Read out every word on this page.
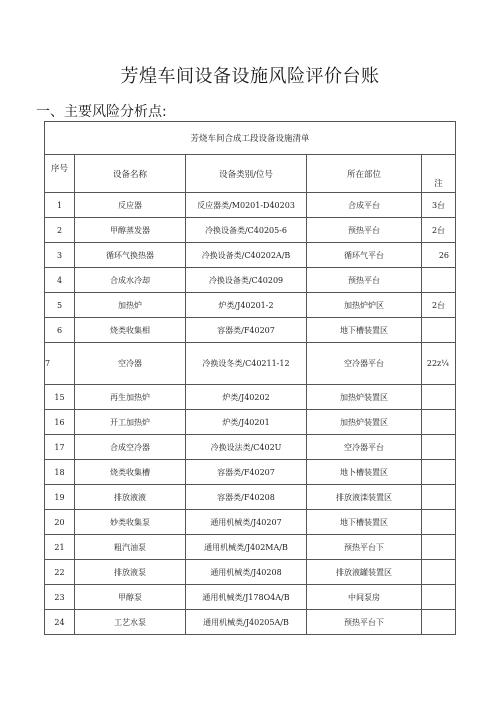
芳煌车间设备设施风险评价台账
一、主要风险分析点:
芳烧车间合成工段设备设施清单				
序号	设备名称	设备类别/位号	所在部位	注
1	反应器	反应器类/M0201-D40203	合成平台	3台
2	甲醇蒸发器	冷换设备类/C40205-6	预热平台	2台
3	循环气换热器	冷换设备类/C40202A/B	循环气平台	26
4	合成水冷却	冷换设备类/C40209	预热平台	
5	加热炉	炉类/J40201-2	加热炉炉区	2台
6	烧类收集相	容器类/F40207	地下槽装置区	
7	空冷器	冷换设冬类/C40211-12	空冷器平台	22z¼
15	再生加热炉	炉类/J40202	加热炉装置区	
16	开工加热炉	炉类/J40201	加热炉装置区	
17	合成空冷器	冷换设法类/C402U	空冷器平台	
18	烧类收集槽	容器类/F40207	地卜槽装置区	
19	排放液液	容器类/F40208	排放液滦装置区	
20	妙类收集泵	通用机械类/J40207	地下槽装置区	
21	粗汽油泵	通用机械类/J402MA/B	预热平台下	
22	排放液泵	通用机械类/J40208	排放液罐装置区	
23	甲醇泵	通用机械类/J178O4A/B	中间泵房	
24	工艺水泵	通用机械类/J40205A/B	预热平台下	
